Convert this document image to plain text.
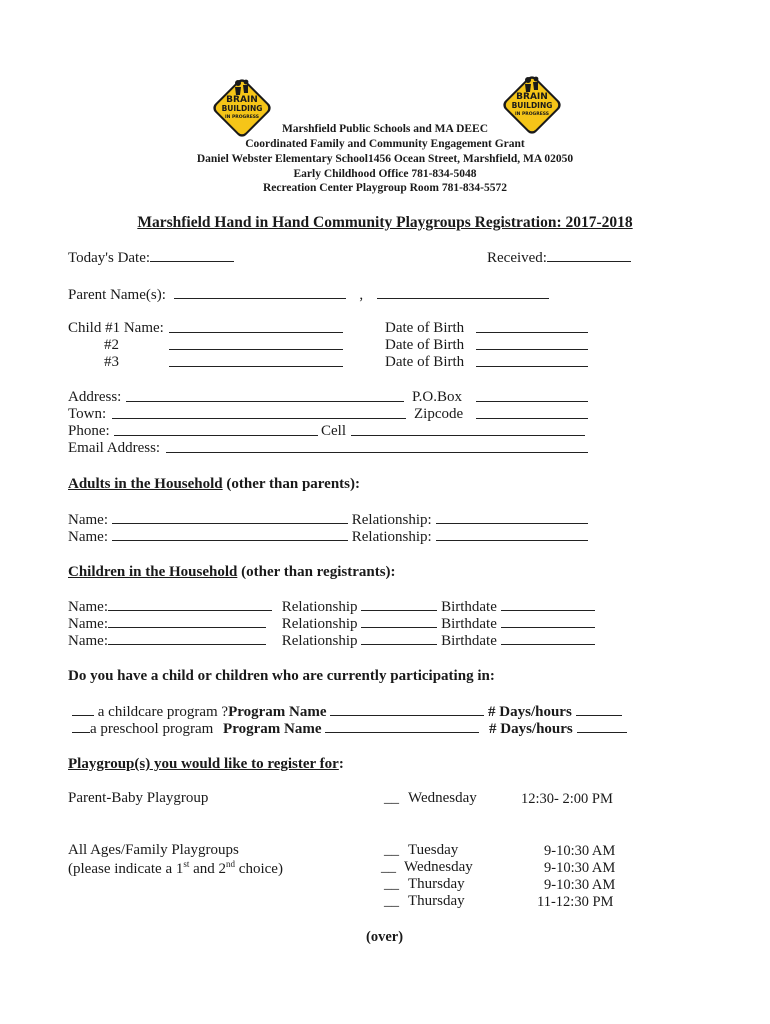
BRAIN
BUILDING
IN PROGRESS
BRAIN
BUILDING
IN PROGRESS
Marshfield Public Schools and MA DEEC
Coordinated Family and Community Engagement Grant
Daniel Webster Elementary School1456 Ocean Street, Marshfield, MA 02050
Early Childhood Office 781-834-5048
Recreation Center Playgroup Room 781-834-5572
Marshfield Hand in Hand Community Playgroups Registration: 2017-2018
Today's Date:	Received:
Parent Name(s):	,
Child #1 Name:	Date of Birth
#2	Date of Birth
#3	Date of Birth
Address:	P.O.Box
Town:	Zipcode
Phone:	Cell
Email Address:
Adults in the Household (other than parents):
Name:	Relationship:
Name:	Relationship:
Children in the Household (other than registrants):
Name:	Relationship	Birthdate
Name:	Relationship	Birthdate
Name:	Relationship	Birthdate
Do you have a child or children who are currently participating in:
a childcare program ?Program Name	# Days/hours
a preschool program Program Name	# Days/hours
Playgroup(s) you would like to register for:
Parent-Baby Playgroup	__ Wednesday	12:30- 2:00 PM
All Ages/Family Playgroups
(please indicate a 1st and 2nd choice)
__ Tuesday	9-10:30 AM
__ Wednesday	9-10:30 AM
__ Thursday	9-10:30 AM
__ Thursday	11-12:30 PM
(over)
